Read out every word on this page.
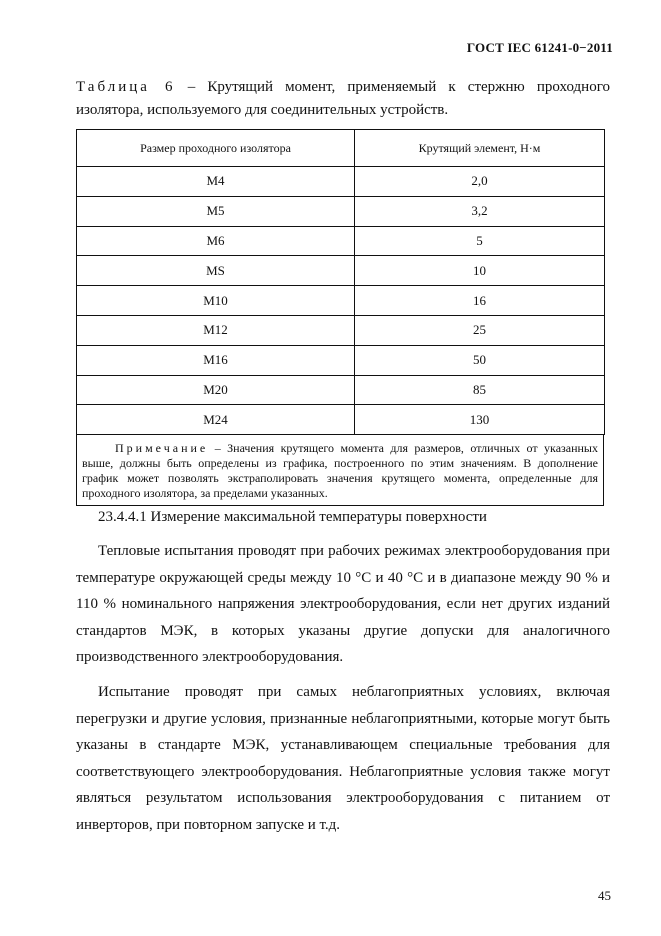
ГОСТ IEC 61241-0−2011
Таблица 6 – Крутящий момент, применяемый к стержню проходного изолятора, используемого для соединительных устройств.
Размер проходного изолятора	Крутящий элемент, Н·м
M4	2,0
M5	3,2
M6	5
MS	10
M10	16
M12	25
M16	50
M20	85
M24	130
Примечание – Значения крутящего момента для размеров, отличных от указанных выше, должны быть определены из графика, построенного по этим значениям. В дополнение график может позволять экстраполировать значения крутящего момента, определенные для проходного изолятора, за пределами указанных.
23.4.4.1 Измерение максимальной температуры поверхности
Тепловые испытания проводят при рабочих режимах электрооборудования при температуре окружающей среды между 10 °С и 40 °С и в диапазоне между 90 % и 110 % номинального напряжения электрооборудования, если нет других изданий стандартов МЭК, в которых указаны другие допуски для аналогичного производственного электрооборудования.
Испытание проводят при самых неблагоприятных условиях, включая перегрузки и другие условия, признанные неблагоприятными, которые могут быть указаны в стандарте МЭК, устанавливающем специальные требования для соответствующего электрооборудования. Неблагоприятные условия также могут являться результатом использования электрооборудования с питанием от инверторов, при повторном запуске и т.д.
45
